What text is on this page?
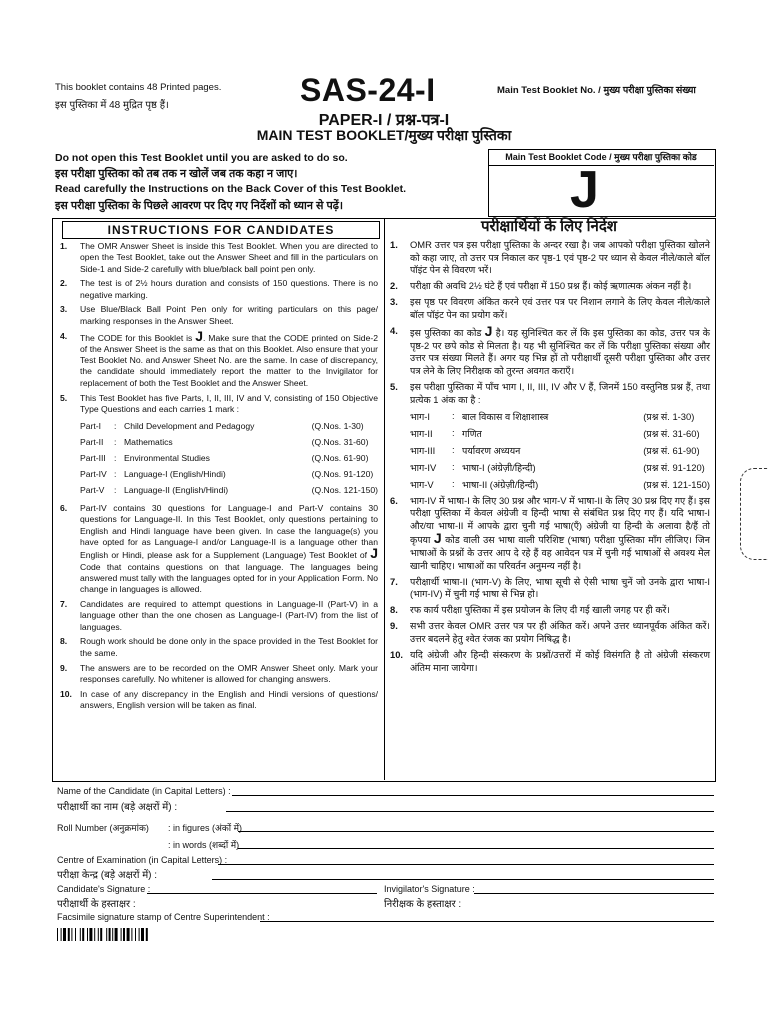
This booklet contains 48 Printed pages.
इस पुस्तिका में 48 मुद्रित पृष्ठ हैं।	SAS-24-I	Main Test Booklet No. / मुख्य परीक्षा पुस्तिका संख्या
PAPER-I / प्रश्न-पत्र-I
MAIN TEST BOOKLET/मुख्य परीक्षा पुस्तिका
Do not open this Test Booklet until you are asked to do so.
इस परीक्षा पुस्तिका को तब तक न खोलें जब तक कहा न जाए।
Read carefully the Instructions on the Back Cover of this Test Booklet.
इस परीक्षा पुस्तिका के पिछले आवरण पर दिए गए निर्देशों को ध्यान से पढ़ें।
Main Test Booklet Code / मुख्य परीक्षा पुस्तिका कोड
J
INSTRUCTIONS FOR CANDIDATES	परीक्षार्थियों के लिए निर्देश
1. The OMR Answer Sheet is inside this Test Booklet. When you are directed to open the Test Booklet, take out the Answer Sheet and fill in the particulars on Side-1 and Side-2 carefully with blue/black ball point pen only.
2. The test is of 2½ hours duration and consists of 150 questions. There is no negative marking.
3. Use Blue/Black Ball Point Pen only for writing particulars on this page/ marking responses in the Answer Sheet.
4. The CODE for this Booklet is J. Make sure that the CODE printed on Side-2 of the Answer Sheet is the same as that on this Booklet. Also ensure that your Test Booklet No. and Answer Sheet No. are the same. In case of discrepancy, the candidate should immediately report the matter to the Invigilator for replacement of both the Test Booklet and the Answer Sheet.
5. This Test Booklet has five Parts, I, II, III, IV and V, consisting of 150 Objective Type Questions and each carries 1 mark :
Part-I	: Child Development and Pedagogy	(Q.Nos. 1-30)
Part-II	: Mathematics	(Q.Nos. 31-60)
Part-III : Environmental Studies	(Q.Nos. 61-90)
Part-IV : Language-I (English/Hindi)	(Q.Nos. 91-120)
Part-V	: Language-II (English/Hindi)	(Q.Nos. 121-150)
6. Part-IV contains 30 questions for Language-I and Part-V contains 30 questions for Language-II. In this Test Booklet, only questions pertaining to English and Hindi language have been given. In case the language(s) you have opted for as Language-I and/or Language-II is a language other than English or Hindi, please ask for a Supplement (Language) Test Booklet of J Code that contains questions on that language. The languages being answered must tally with the languages opted for in your Application Form. No change in languages is allowed.
7. Candidates are required to attempt questions in Language-II (Part-V) in a language other than the one chosen as Language-I (Part-IV) from the list of languages.
8. Rough work should be done only in the space provided in the Test Booklet for the same.
9. The answers are to be recorded on the OMR Answer Sheet only. Mark your responses carefully. No whitener is allowed for changing answers.
10. In case of any discrepancy in the English and Hindi versions of questions/ answers, English version will be taken as final.
1. OMR उत्तर पत्र इस परीक्षा पुस्तिका के अन्दर रखा है। जब आपको परीक्षा पुस्तिका खोलने को कहा जाए, तो उत्तर पत्र निकाल कर पृष्ठ-1 एवं पृष्ठ-2 पर ध्यान से केवल नीले/काले बॉल पॉइंट पेन से विवरण भरें।
2. परीक्षा की अवधि 2½ घंटे हैं एवं परीक्षा में 150 प्रश्न हैं। कोई ऋणात्मक अंकन नहीं है।
3. इस पृष्ठ पर विवरण अंकित करने एवं उत्तर पत्र पर निशान लगाने के लिए केवल नीले/काले बॉल पॉइंट पेन का प्रयोग करें।
4. इस पुस्तिका का कोड J है। यह सुनिश्चित कर लें कि इस पुस्तिका का कोड, उत्तर पत्र के पृष्ठ-2 पर छपे कोड से मिलता है। यह भी सुनिश्चित कर लें कि परीक्षा पुस्तिका संख्या और उत्तर पत्र संख्या मिलते हैं। अगर यह भिन्न हों तो परीक्षार्थी दूसरी परीक्षा पुस्तिका और उत्तर पत्र लेने के लिए निरीक्षक को तुरन्त अवगत कराएँ।
5. इस परीक्षा पुस्तिका में पाँच भाग I, II, III, IV और V हैं, जिनमें 150 वस्तुनिष्ठ प्रश्न हैं, तथा प्रत्येक 1 अंक का है :
भाग-I	: बाल विकास व शिक्षाशास्त्र	(प्रश्न सं. 1-30)
भाग-II	: गणित	(प्रश्न सं. 31-60)
भाग-III	: पर्यावरण अध्ययन	(प्रश्न सं. 61-90)
भाग-IV	: भाषा-I (अंग्रेज़ी/हिन्दी)	(प्रश्न सं. 91-120)
भाग-V	: भाषा-II (अंग्रेज़ी/हिन्दी)	(प्रश्न सं. 121-150)
6. भाग-IV में भाषा-I के लिए 30 प्रश्न और भाग-V में भाषा-II के लिए 30 प्रश्न दिए गए हैं। इस परीक्षा पुस्तिका में केवल अंग्रेजी व हिन्दी भाषा से संबंधित प्रश्न दिए गए हैं। यदि भाषा-I और/या भाषा-II में आपके द्वारा चुनी गई भाषा(एँ) अंग्रेजी या हिन्दी के अलावा है/हैं तो कृपया J कोड वाली उस भाषा वाली परिशिष्ट (भाषा) परीक्षा पुस्तिका माँग लीजिए। जिन भाषाओं के प्रश्नों के उत्तर आप दे रहे हैं वह आवेदन पत्र में चुनी गई भाषाओं से अवश्य मेल खानी चाहिए। भाषाओं का परिवर्तन अनुमन्य नहीं है।
7. परीक्षार्थी भाषा-II (भाग-V) के लिए, भाषा सूची से ऐसी भाषा चुनें जो उनके द्वारा भाषा-I (भाग-IV) में चुनी गई भाषा से भिन्न हो।
8. रफ कार्य परीक्षा पुस्तिका में इस प्रयोजन के लिए दी गई खाली जगह पर ही करें।
9. सभी उत्तर केवल OMR उत्तर पत्र पर ही अंकित करें। अपने उत्तर ध्यानपूर्वक अंकित करें। उत्तर बदलने हेतु श्वेत रंजक का प्रयोग निषिद्ध है।
10. यदि अंग्रेजी और हिन्दी संस्करण के प्रश्नों/उत्तरों में कोई विसंगति है तो अंग्रेजी संस्करण अंतिम माना जायेगा।
Name of the Candidate (in Capital Letters) :
परीक्षार्थी का नाम (बड़े अक्षरों में) :
Roll Number (अनुक्रमांक) : in figures (अंकों में)
: in words (शब्दों में)
Centre of Examination (in Capital Letters) :
परीक्षा केन्द्र (बड़े अक्षरों में) :
Candidate's Signature :	Invigilator's Signature :
परीक्षार्थी के हस्ताक्षर :	निरीक्षक के हस्ताक्षर :
Facsimile signature stamp of Centre Superintendent :
